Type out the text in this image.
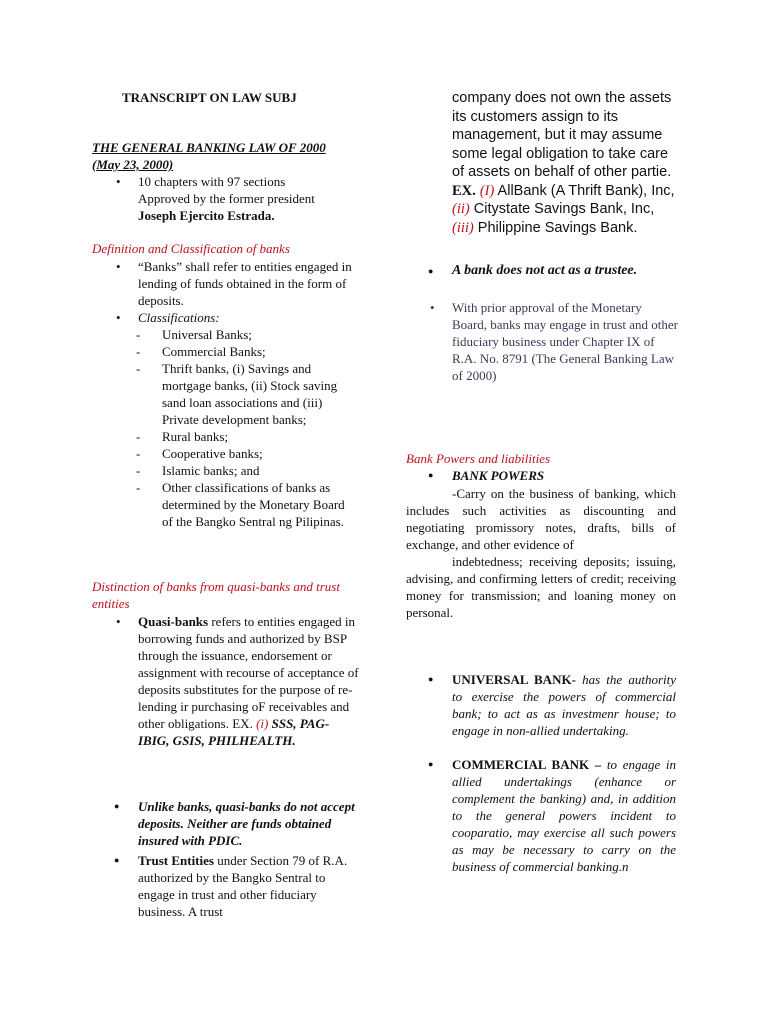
TRANSCRIPT ON LAW SUBJ
THE GENERAL BANKING LAW OF 2000 (May 23, 2000)
• 10 chapters with 97 sections
Approved by the former president
Joseph Ejercito Estrada.
Definition and Classification of banks
• “Banks” shall refer to entities engaged in lending of funds obtained in the form of deposits.
• Classifications:
- Universal Banks;
- Commercial Banks;
- Thrift banks, (i) Savings and mortgage banks, (ii) Stock saving sand loan associations and (iii) Private development banks;
- Rural banks;
- Cooperative banks;
- Islamic banks; and
- Other classifications of banks as determined by the Monetary Board of the Bangko Sentral ng Pilipinas.
Distinction of banks from quasi-banks and trust entities
• Quasi-banks refers to entities engaged in borrowing funds and authorized by BSP through the issuance, endorsement or assignment with recourse of acceptance of deposits substitutes for the purpose of re-lending ir purchasing oF receivables and other obligations. EX. (i) SSS, PAG-IBIG, GSIS, PHILHEALTH.
● Unlike banks, quasi-banks do not accept deposits. Neither are funds obtained insured with PDIC.
● Trust Entities under Section 79 of R.A. authorized by the Bangko Sentral to engage in trust and other fiduciary business. A trust
company does not own the assets its customers assign to its management, but it may assume some legal obligation to take care of assets on behalf of other partie. EX. (I) AllBank (A Thrift Bank), Inc, (ii) Citystate Savings Bank, Inc, (iii) Philippine Savings Bank.
● A bank does not act as a trustee.
• With prior approval of the Monetary Board, banks may engage in trust and other fiduciary business under Chapter IX of R.A. No. 8791 (The General Banking Law of 2000)
Bank Powers and liabilities
● BANK POWERS
-Carry on the business of banking, which includes such activities as discounting and negotiating promissory notes, drafts, bills of exchange, and other evidence of
indebtedness; receiving deposits; issuing, advising, and confirming letters of credit; receiving money for transmission; and loaning money on personal.
● UNIVERSAL BANK- has the authority to exercise the powers of commercial bank; to act as as investmenr house; to engage in non-allied undertaking.
● COMMERCIAL BANK – to engage in allied undertakings (enhance or complement the banking) and, in addition to the general powers incident to cooparatio, may exercise all such powers as may be necessary to carry on the business of commercial banking.n
